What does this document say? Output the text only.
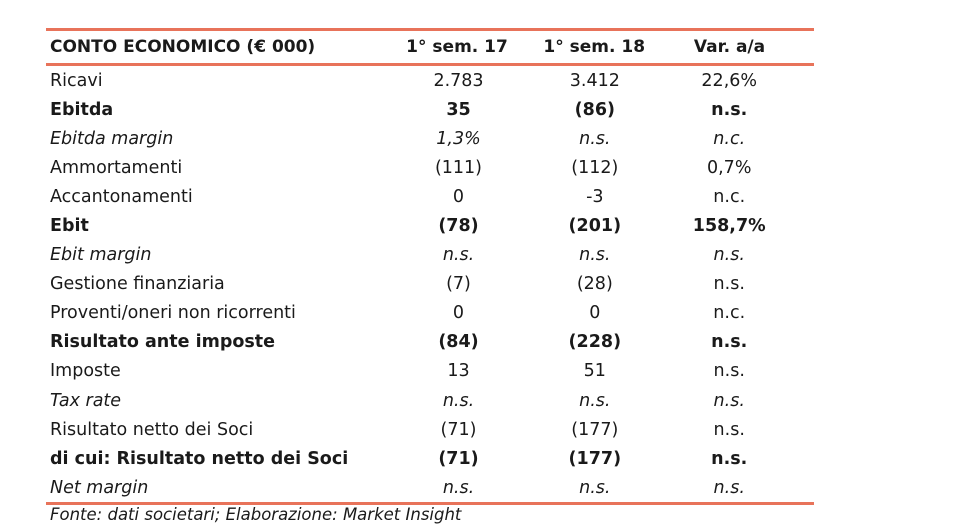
CONTO ECONOMICO (€ 000)	1° sem. 17	1° sem. 18	Var. a/a
Ricavi	2.783	3.412	22,6%
Ebitda	35	(86)	n.s.
Ebitda margin	1,3%	n.s.	n.c.
Ammortamenti	(111)	(112)	0,7%
Accantonamenti	0	-3	n.c.
Ebit	(78)	(201)	158,7%
Ebit margin	n.s.	n.s.	n.s.
Gestione finanziaria	(7)	(28)	n.s.
Proventi/oneri non ricorrenti	0	0	n.c.
Risultato ante imposte	(84)	(228)	n.s.
Imposte	13	51	n.s.
Tax rate	n.s.	n.s.	n.s.
Risultato netto dei Soci	(71)	(177)	n.s.
di cui: Risultato netto dei Soci	(71)	(177)	n.s.
Net margin	n.s.	n.s.	n.s.
Fonte: dati societari; Elaborazione: Market Insight
